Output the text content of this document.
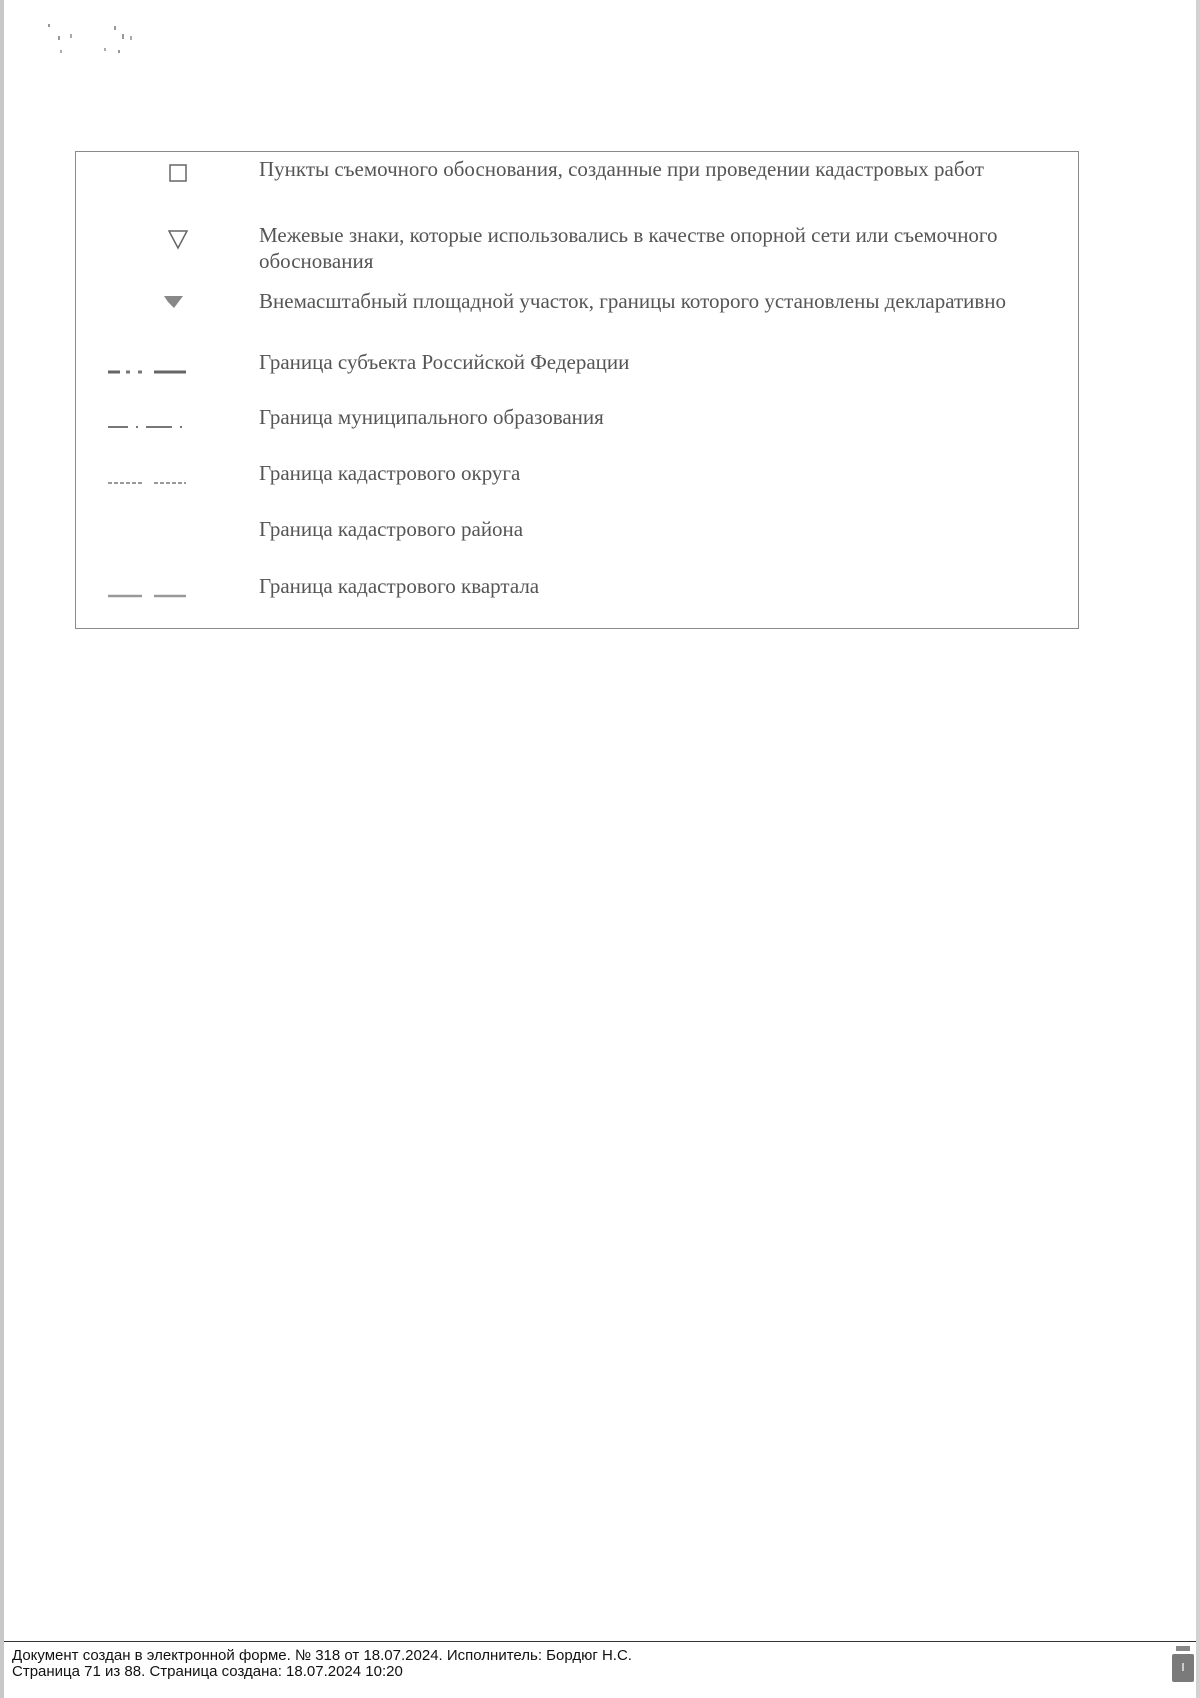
Пункты съемочного обоснования, созданные при проведении кадастровых работ
Межевые знаки, которые использовались в качестве опорной сети или съемочного обоснования
Внемасштабный площадной участок, границы которого установлены декларативно
Граница субъекта Российской Федерации
Граница муниципального образования
Граница кадастрового округа
Граница кадастрового района
Граница кадастрового квартала
Документ создан в электронной форме. № 318 от 18.07.2024. Исполнитель: Бордюг Н.С.
Страница 71 из 88. Страница создана: 18.07.2024 10:20
